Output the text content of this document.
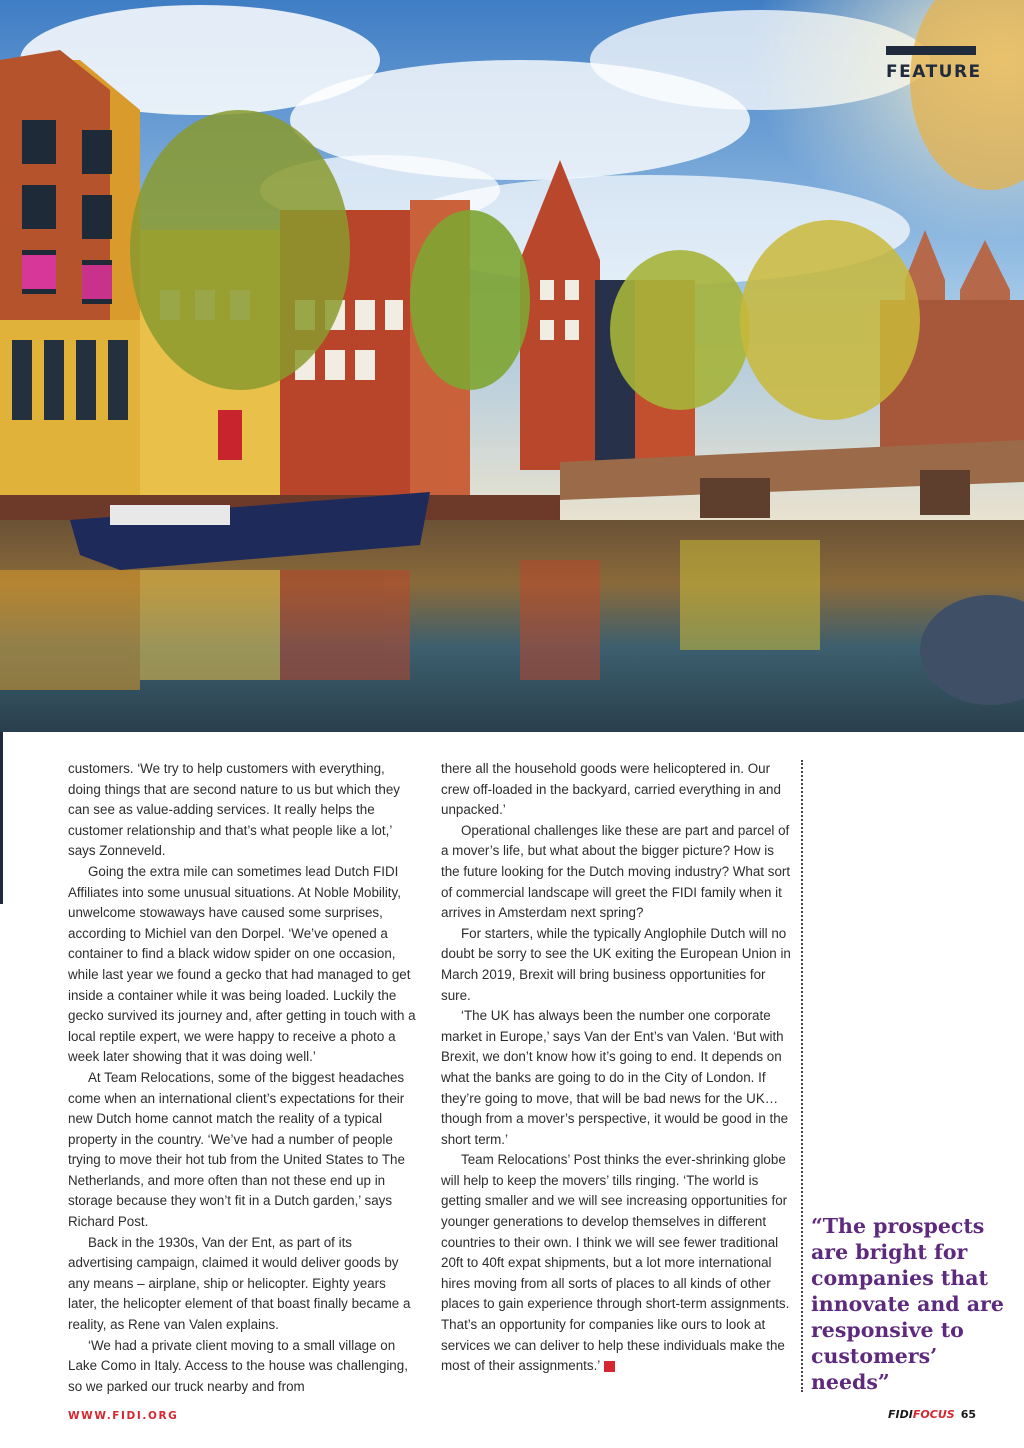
FEATURE

customers. ‘We try to help customers with everything, doing things that are second nature to us but which they can see as value-adding services. It really helps the customer relationship and that’s what people like a lot,’ says Zonneveld.

Going the extra mile can sometimes lead Dutch FIDI Affiliates into some unusual situations. At Noble Mobility, unwelcome stowaways have caused some surprises, according to Michiel van den Dorpel. ‘We’ve opened a container to find a black widow spider on one occasion, while last year we found a gecko that had managed to get inside a container while it was being loaded. Luckily the gecko survived its journey and, after getting in touch with a local reptile expert, we were happy to receive a photo a week later showing that it was doing well.’

At Team Relocations, some of the biggest headaches come when an international client’s expectations for their new Dutch home cannot match the reality of a typical property in the country. ‘We’ve had a number of people trying to move their hot tub from the United States to The Netherlands, and more often than not these end up in storage because they won’t fit in a Dutch garden,’ says Richard Post.

Back in the 1930s, Van der Ent, as part of its advertising campaign, claimed it would deliver goods by any means – airplane, ship or helicopter. Eighty years later, the helicopter element of that boast finally became a reality, as Rene van Valen explains.

‘We had a private client moving to a small village on Lake Como in Italy. Access to the house was challenging, so we parked our truck nearby and from

there all the household goods were helicoptered in. Our crew off-loaded in the backyard, carried everything in and unpacked.’

Operational challenges like these are part and parcel of a mover’s life, but what about the bigger picture? How is the future looking for the Dutch moving industry? What sort of commercial landscape will greet the FIDI family when it arrives in Amsterdam next spring?

For starters, while the typically Anglophile Dutch will no doubt be sorry to see the UK exiting the European Union in March 2019, Brexit will bring business opportunities for sure.

‘The UK has always been the number one corporate market in Europe,’ says Van der Ent’s van Valen. ‘But with Brexit, we don’t know how it’s going to end. It depends on what the banks are going to do in the City of London. If they’re going to move, that will be bad news for the UK… though from a mover’s perspective, it would be good in the short term.’

Team Relocations’ Post thinks the ever-shrinking globe will help to keep the movers’ tills ringing. ‘The world is getting smaller and we will see increasing opportunities for younger generations to develop themselves in different countries to their own. I think we will see fewer traditional 20ft to 40ft expat shipments, but a lot more international hires moving from all sorts of places to all kinds of other places to gain experience through short-term assignments. That’s an opportunity for companies like ours to look at services we can deliver to help these individuals make the most of their assignments.’	FF

“The prospects are bright for companies that innovate and are responsive to customers’ needs”
WWW.FIDI.ORG	FIDIFOCUS 65
